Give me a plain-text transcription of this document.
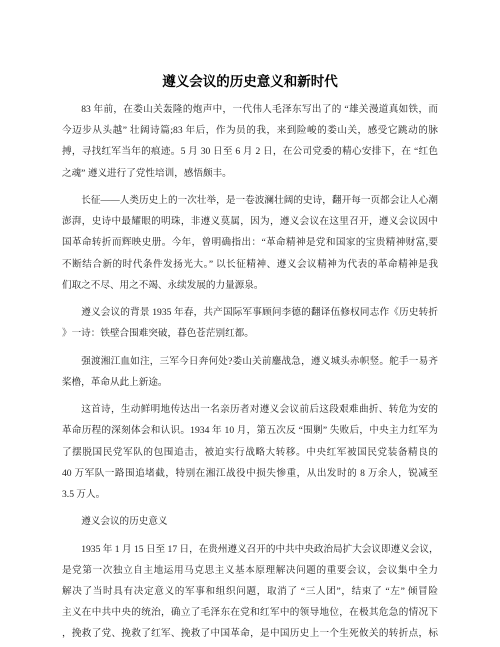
遵义会议的历史意义和新时代
83 年前，在娄山关轰隆的炮声中，一代伟人毛泽东写出了的 “雄关漫道真如铁，而
今迈步从头越” 壮阔诗篇;83 年后，作为员的我，来到险峻的娄山关，感受它跳动的脉
搏，寻找红军当年的痕迹。5 月 30 日至 6 月 2 日，在公司党委的精心安排下，在 “红色
之魂” 遵义进行了党性培训，感悟颇丰。
长征——人类历史上的一次壮举，是一卷波澜壮阔的史诗，翻开每一页都会让人心潮
澎湃，史诗中最耀眼的明珠，非遵义莫属，因为，遵义会议在这里召开，遵义会议因中
国革命转折而辉映史册。今年，曾明确指出：“革命精神是党和国家的宝贵精神财富,要
不断结合新的时代条件发扬光大。” 以长征精神、遵义会议精神为代表的革命精神是我
们取之不尽、用之不竭、永续发展的力量源泉。
遵义会议的背景 1935 年春，共产国际军事顾问李德的翻译伍修权同志作《历史转折
》一诗：铁壁合围难突破，暮色苍茫别红都。
强渡湘江血如注，三军今日奔何处?娄山关前鏖战急，遵义城头赤帜竖。舵手一易齐
桨橹，革命从此上新途。
这首诗，生动鲜明地传达出一名亲历者对遵义会议前后这段艰难曲折、转危为安的
革命历程的深刻体会和认识。1934 年 10 月，第五次反 “围剿” 失败后，中央主力红军为
了摆脱国民党军队的包围追击，被迫实行战略大转移。中央红军被国民党装备精良的
40 万军队一路围追堵截，特别在湘江战役中损失惨重，从出发时的 8 万余人，锐减至
3.5 万人。
遵义会议的历史意义
1935 年 1 月 15 日至 17 日，在贵州遵义召开的中共中央政治局扩大会议即遵义会议，
是党第一次独立自主地运用马克思主义基本原理解决问题的重要会议，会议集中全力
解决了当时具有决定意义的军事和组织问题，取消了 “三人团”，结束了 “左” 倾冒险
主义在中共中央的统治，确立了毛泽东在党和红军中的领导地位，在极其危急的情况下
，挽救了党、挽救了红军、挽救了中国革命，是中国历史上一个生死攸关的转折点，标
